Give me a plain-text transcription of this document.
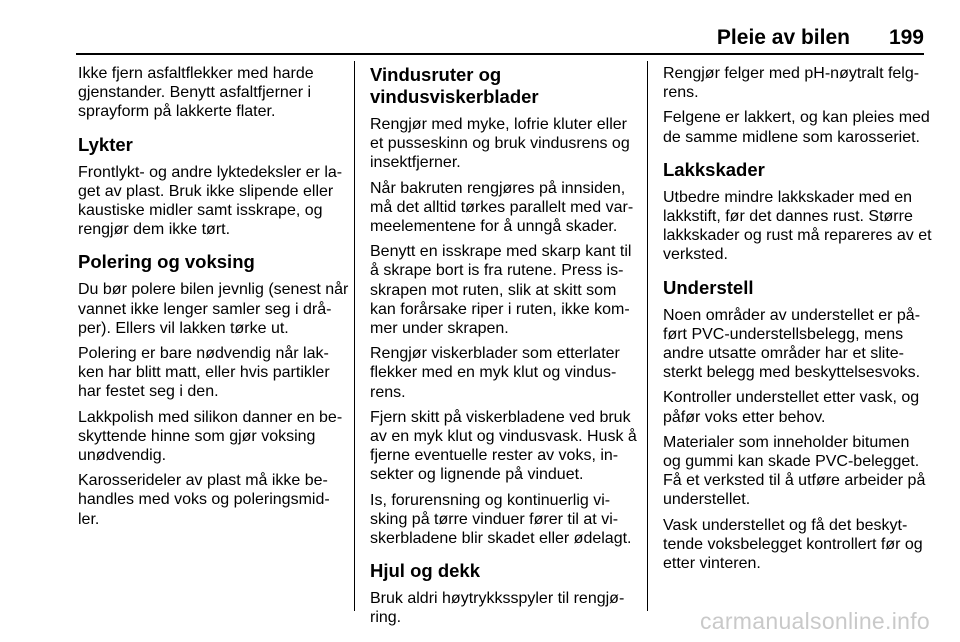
Pleie av bilen 199

Ikke fjern asfaltflekker med harde
gjenstander. Benytt asfaltfjerner i
sprayform på lakkerte flater.

Lykter

Frontlykt- og andre lyktedeksler er la-
get av plast. Bruk ikke slipende eller
kaustiske midler samt isskrape, og
rengjør dem ikke tørt.

Polering og voksing

Du bør polere bilen jevnlig (senest når
vannet ikke lenger samler seg i drå-
per). Ellers vil lakken tørke ut.

Polering er bare nødvendig når lak-
ken har blitt matt, eller hvis partikler
har festet seg i den.

Lakkpolish med silikon danner en be-
skyttende hinne som gjør voksing
unødvendig.

Karosserideler av plast må ikke be-
handles med voks og poleringsmid-
ler.

Vindusruter og
vindusviskerblader

Rengjør med myke, lofrie kluter eller
et pusseskinn og bruk vindusrens og
insektfjerner.

Når bakruten rengjøres på innsiden,
må det alltid tørkes parallelt med var-
meelementene for å unngå skader.

Benytt en isskrape med skarp kant til
å skrape bort is fra rutene. Press is-
skrapen mot ruten, slik at skitt som
kan forårsake riper i ruten, ikke kom-
mer under skrapen.

Rengjør viskerblader som etterlater
flekker med en myk klut og vindus-
rens.

Fjern skitt på viskerbladene ved bruk
av en myk klut og vindusvask. Husk å
fjerne eventuelle rester av voks, in-
sekter og lignende på vinduet.

Is, forurensning og kontinuerlig vi-
sking på tørre vinduer fører til at vi-
skerbladene blir skadet eller ødelagt.

Hjul og dekk

Bruk aldri høytrykksspyler til rengjø-
ring.

Rengjør felger med pH-nøytralt felg-
rens.

Felgene er lakkert, og kan pleies med
de samme midlene som karosseriet.

Lakkskader

Utbedre mindre lakkskader med en
lakkstift, før det dannes rust. Større
lakkskader og rust må repareres av et
verksted.

Understell

Noen områder av understellet er på-
ført PVC-understellsbelegg, mens
andre utsatte områder har et slite-
sterkt belegg med beskyttelsesvoks.

Kontroller understellet etter vask, og
påfør voks etter behov.

Materialer som inneholder bitumen
og gummi kan skade PVC-belegget.
Få et verksted til å utføre arbeider på
understellet.

Vask understellet og få det beskyt-
tende voksbelegget kontrollert før og
etter vinteren.

carmanualsonline.info
